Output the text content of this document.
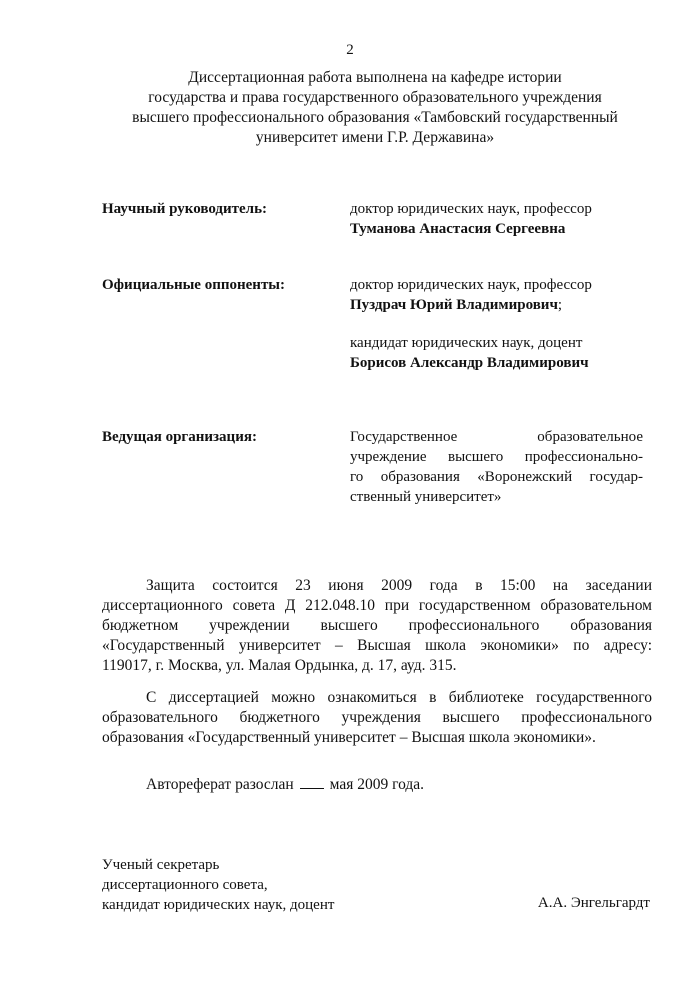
2
Диссертационная работа выполнена на кафедре истории
государства и права государственного образовательного учреждения
высшего профессионального образования «Тамбовский государственный
университет имени Г.Р. Державина»
Научный руководитель:	доктор юридических наук, профессор
Туманова Анастасия Сергеевна
Официальные оппоненты:	доктор юридических наук, профессор
Пуздрач Юрий Владимирович;
кандидат юридических наук, доцент
Борисов Александр Владимирович
Ведущая организация:	Государственное образовательное
учреждение высшего профессионально-
го образования «Воронежский государ-
ственный университет»
Защита состоится 23 июня 2009 года в 15:00 на заседании
диссертационного совета Д 212.048.10 при государственном образовательном
бюджетном учреждении высшего профессионального образования
«Государственный университет – Высшая школа экономики» по адресу:
119017, г. Москва, ул. Малая Ордынка, д. 17, ауд. 315.
С диссертацией можно ознакомиться в библиотеке государственного
образовательного бюджетного учреждения высшего профессионального
образования «Государственный университет – Высшая школа экономики».
Автореферат разослан мая 2009 года.
Ученый секретарь
диссертационного совета,
кандидат юридических наук, доцент	А.А. Энгельгардт
